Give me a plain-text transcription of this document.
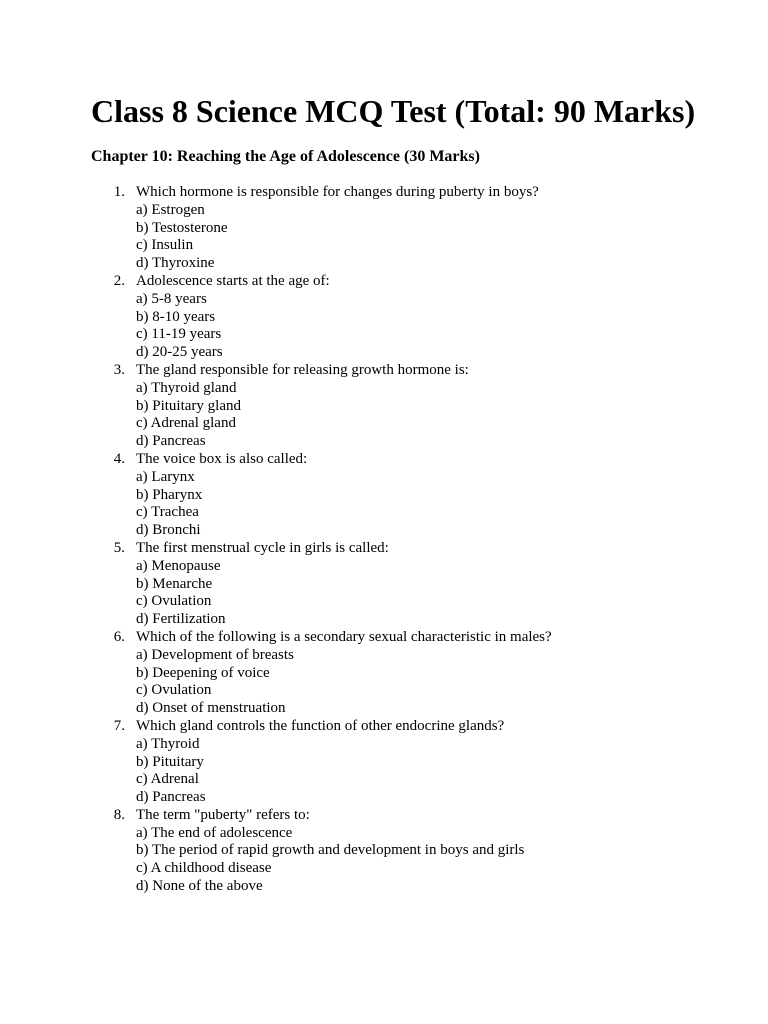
Class 8 Science MCQ Test (Total: 90 Marks)
Chapter 10: Reaching the Age of Adolescence (30 Marks)
1. Which hormone is responsible for changes during puberty in boys?
a) Estrogen
b) Testosterone
c) Insulin
d) Thyroxine
2. Adolescence starts at the age of:
a) 5-8 years
b) 8-10 years
c) 11-19 years
d) 20-25 years
3. The gland responsible for releasing growth hormone is:
a) Thyroid gland
b) Pituitary gland
c) Adrenal gland
d) Pancreas
4. The voice box is also called:
a) Larynx
b) Pharynx
c) Trachea
d) Bronchi
5. The first menstrual cycle in girls is called:
a) Menopause
b) Menarche
c) Ovulation
d) Fertilization
6. Which of the following is a secondary sexual characteristic in males?
a) Development of breasts
b) Deepening of voice
c) Ovulation
d) Onset of menstruation
7. Which gland controls the function of other endocrine glands?
a) Thyroid
b) Pituitary
c) Adrenal
d) Pancreas
8. The term "puberty" refers to:
a) The end of adolescence
b) The period of rapid growth and development in boys and girls
c) A childhood disease
d) None of the above
